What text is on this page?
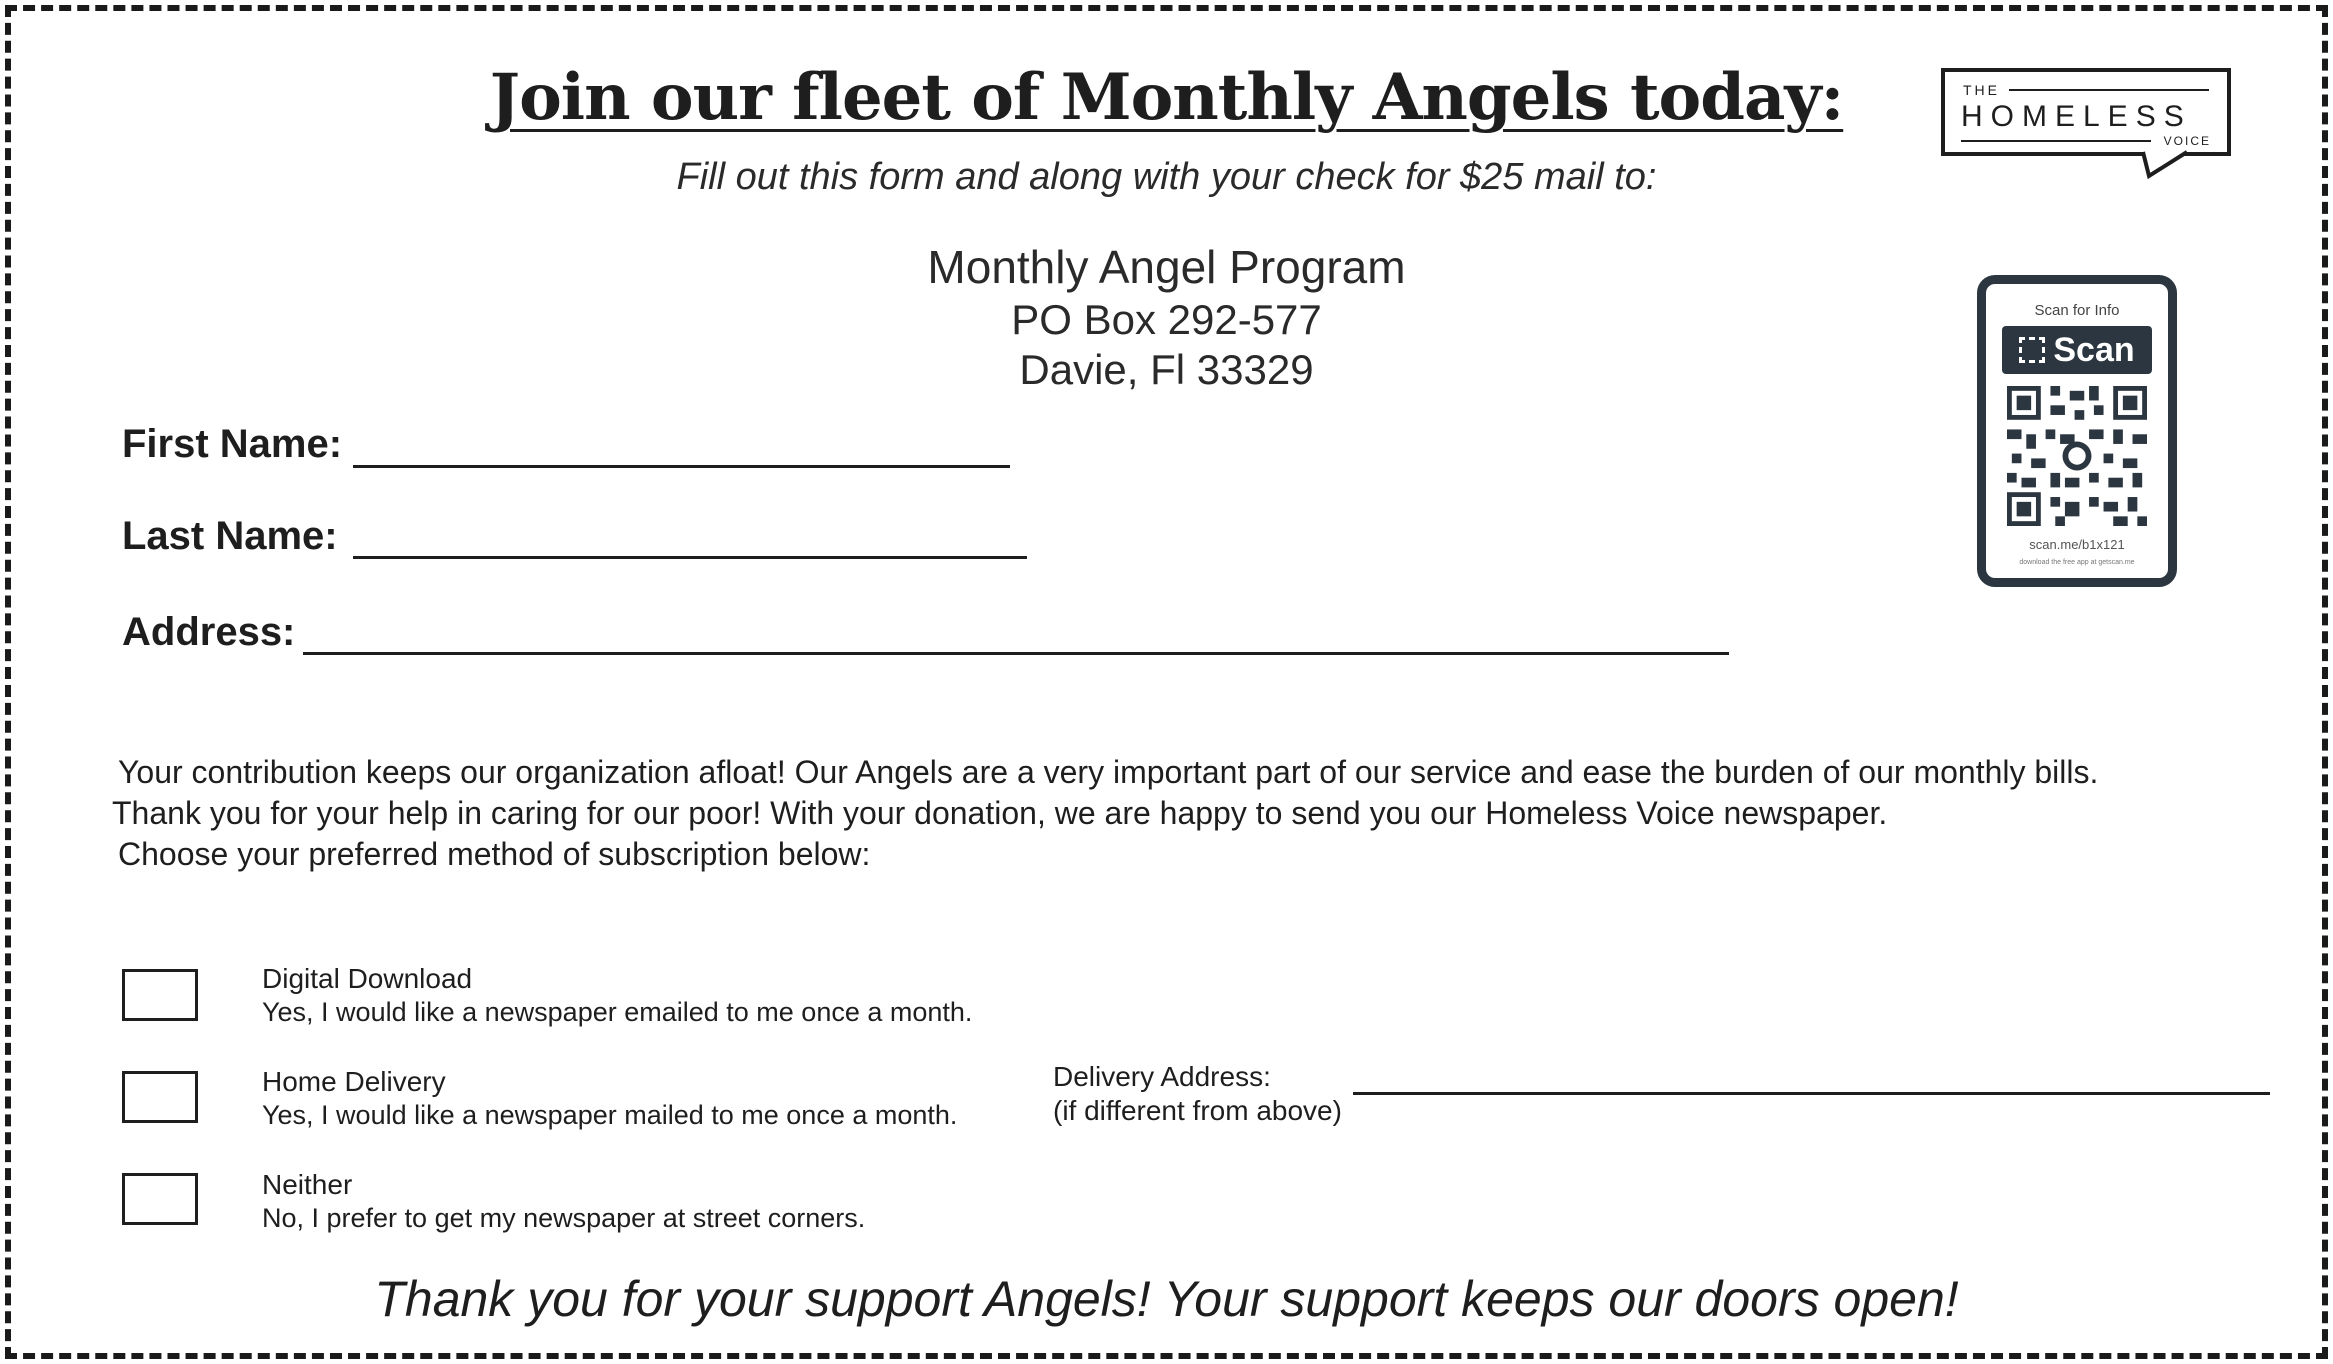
Join our fleet of Monthly Angels today:
Fill out this form and along with your check for $25 mail to:
Monthly Angel Program
PO Box 292-577
Davie, Fl 33329
THE
HOMELESS
VOICE
Scan for Info
Scan
scan.me/b1x121
download the free app at getscan.me
First Name:
Last Name:
Address:
Your contribution keeps our organization afloat! Our Angels are a very important part of our service and ease the burden of our monthly bills.
Thank you for your help in caring for our poor! With your donation, we are happy to send you our Homeless Voice newspaper.
Choose your preferred method of subscription below:
Digital Download
Yes, I would like a newspaper emailed to me once a month.
Home Delivery
Yes, I would like a newspaper mailed to me once a month.
Neither
No, I prefer to get my newspaper at street corners.
Delivery Address:
(if different from above)
Thank you for your support Angels! Your support keeps our doors open!
